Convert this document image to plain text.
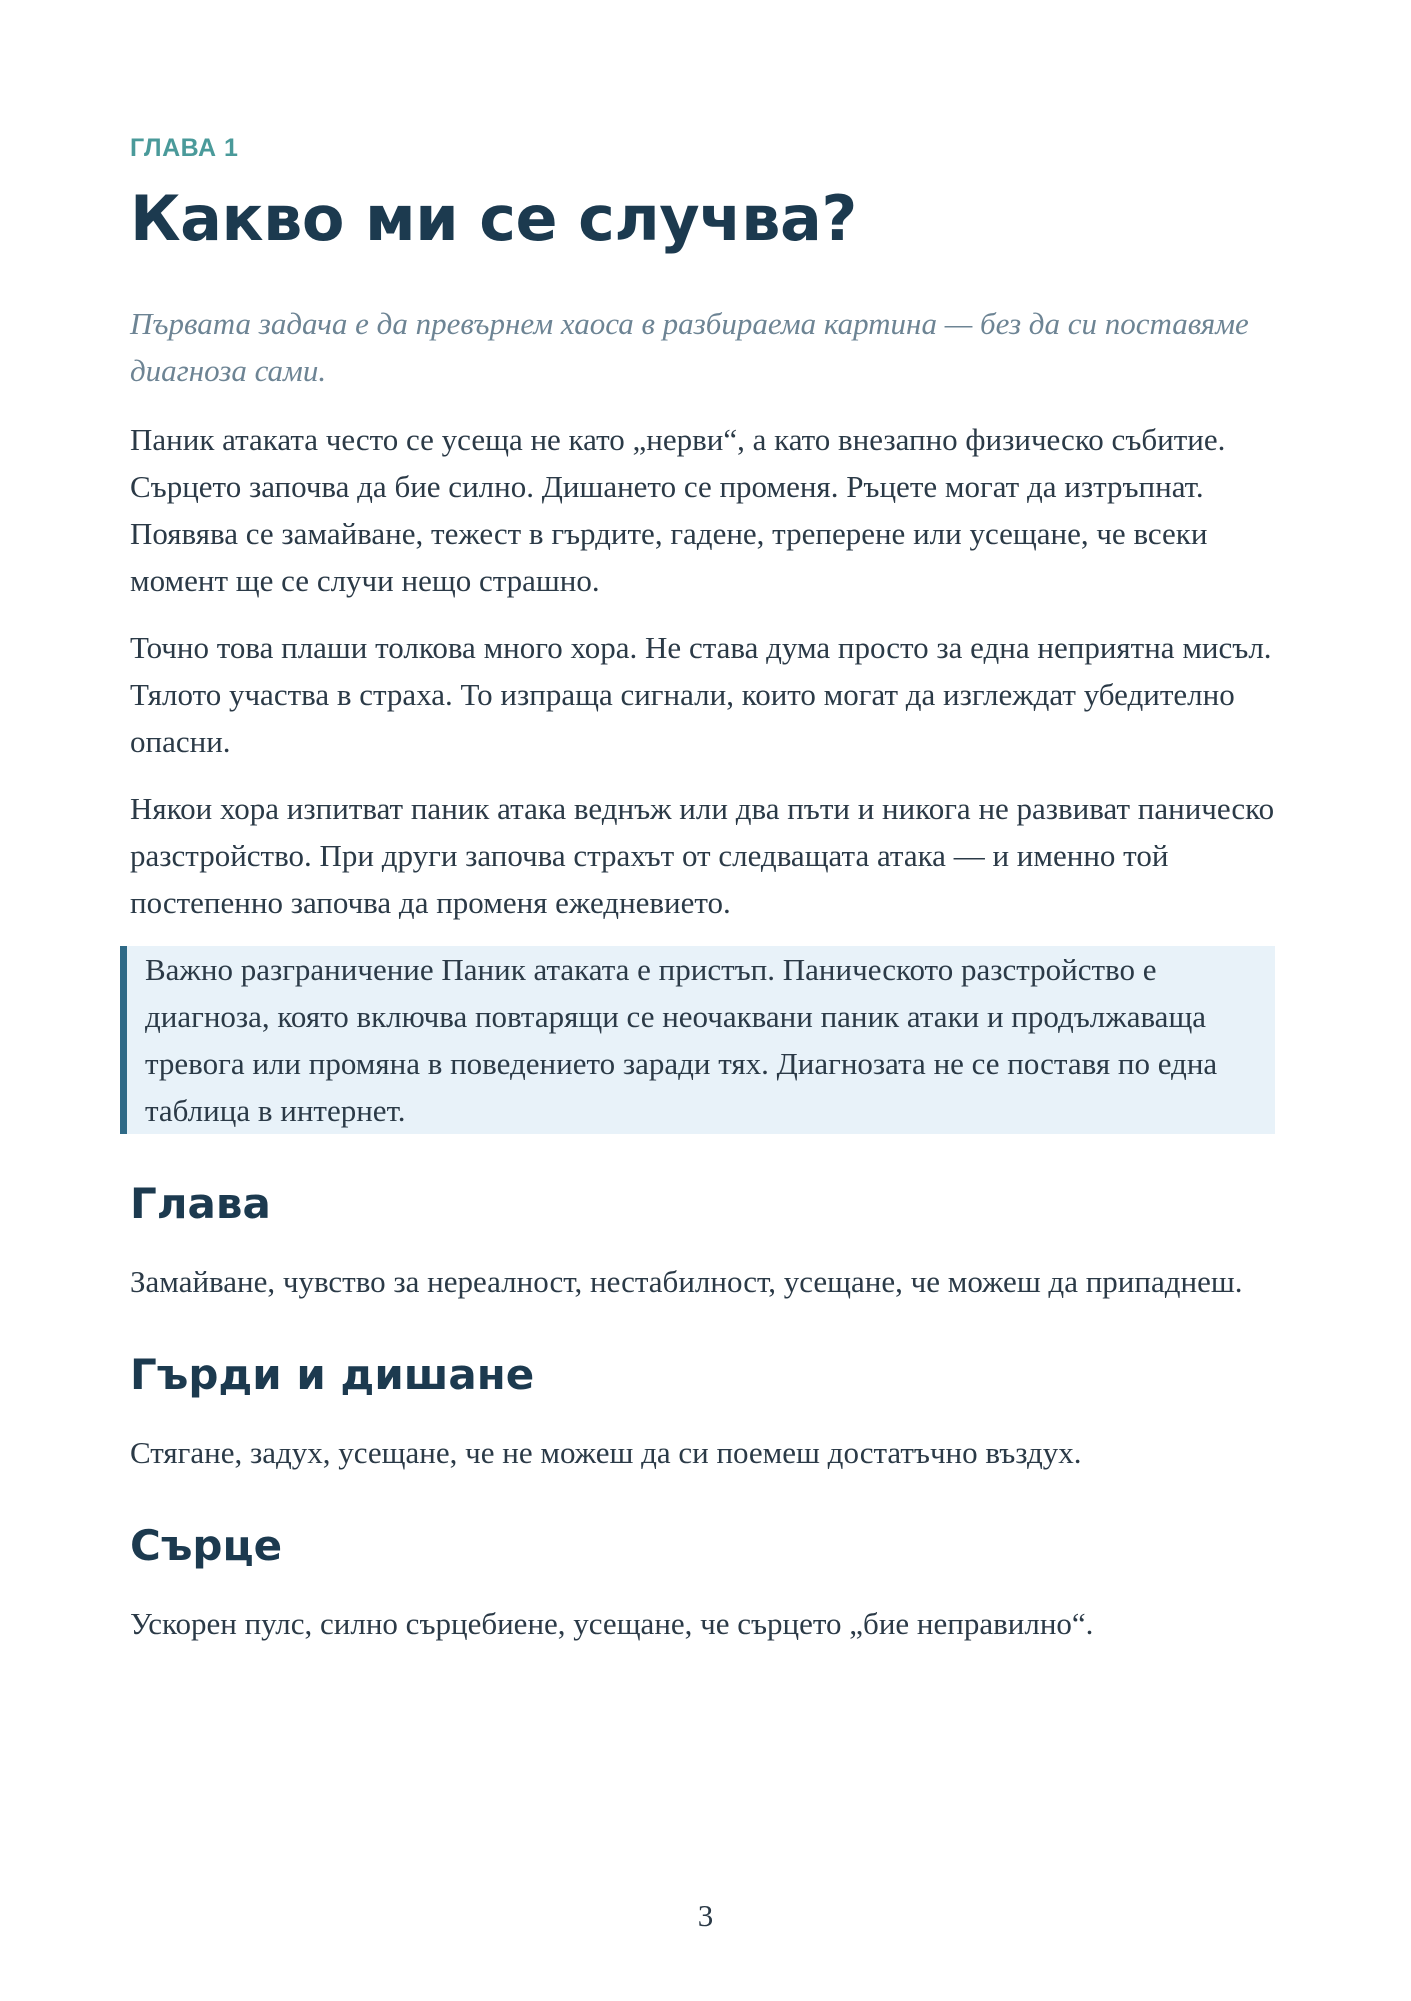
ГЛАВА 1
Какво ми се случва?

Първата задача е да превърнем хаоса в разбираема картина — без да си поставяме диагноза сами.

Паник атаката често се усеща не като „нерви“, а като внезапно физическо събитие. Сърцето започва да бие силно. Дишането се променя. Ръцете могат да изтръпнат. Появява се замайване, тежест в гърдите, гадене, треперене или усещане, че всеки момент ще се случи нещо страшно.

Точно това плаши толкова много хора. Не става дума просто за една неприятна мисъл. Тялото участва в страха. То изпраща сигнали, които могат да изглеждат убедително опасни.

Някои хора изпитват паник атака веднъж или два пъти и никога не развиват паническо разстройство. При други започва страхът от следващата атака — и именно той постепенно започва да променя ежедневието.

Важно разграничение Паник атаката е пристъп. Паническото разстройство е диагноза, която включва повтарящи се неочаквани паник атаки и продължаваща тревога или промяна в поведението заради тях. Диагнозата не се поставя по една таблица в интернет.

Глава

Замайване, чувство за нереалност, нестабилност, усещане, че можеш да припаднеш.

Гърди и дишане

Стягане, задух, усещане, че не можеш да си поемеш достатъчно въздух.

Сърце

Ускорен пулс, силно сърцебиене, усещане, че сърцето „бие неправилно“.

3
